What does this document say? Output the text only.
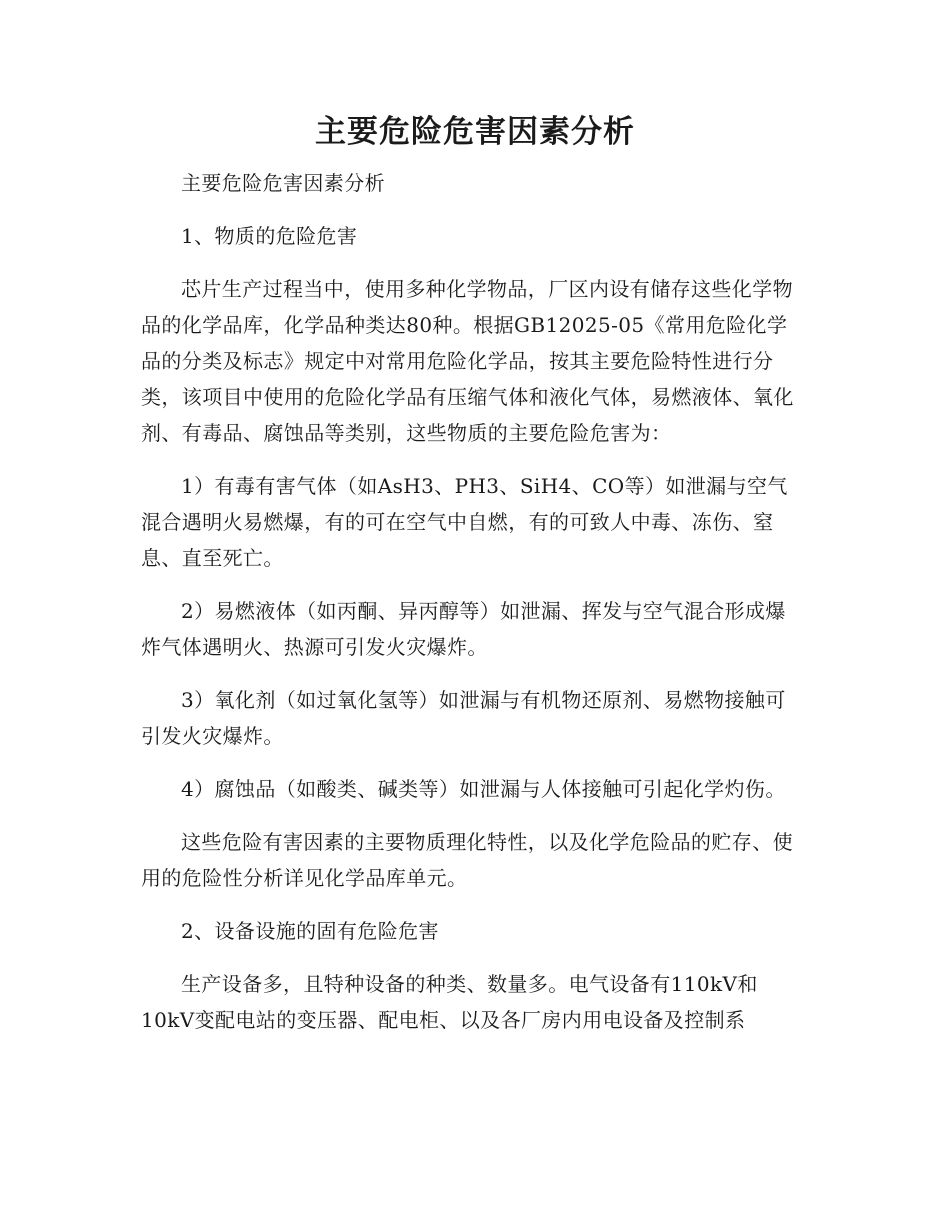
主要危险危害因素分析

主要危险危害因素分析

1、物质的危险危害

芯片生产过程当中，使用多种化学物品，厂区内设有储存这些化学物品的化学品库，化学品种类达80种。根据GB12025-05《常用危险化学品的分类及标志》规定中对常用危险化学品，按其主要危险特性进行分类，该项目中使用的危险化学品有压缩气体和液化气体，易燃液体、氧化剂、有毒品、腐蚀品等类别，这些物质的主要危险危害为：

1）有毒有害气体（如AsH3、PH3、SiH4、CO等）如泄漏与空气混合遇明火易燃爆，有的可在空气中自燃，有的可致人中毒、冻伤、窒息、直至死亡。

2）易燃液体（如丙酮、异丙醇等）如泄漏、挥发与空气混合形成爆炸气体遇明火、热源可引发火灾爆炸。

3）氧化剂（如过氧化氢等）如泄漏与有机物还原剂、易燃物接触可引发火灾爆炸。

4）腐蚀品（如酸类、碱类等）如泄漏与人体接触可引起化学灼伤。

这些危险有害因素的主要物质理化特性，以及化学危险品的贮存、使用的危险性分析详见化学品库单元。

2、设备设施的固有危险危害

生产设备多，且特种设备的种类、数量多。电气设备有110kV和10kV变配电站的变压器、配电柜、以及各厂房内用电设备及控制系
